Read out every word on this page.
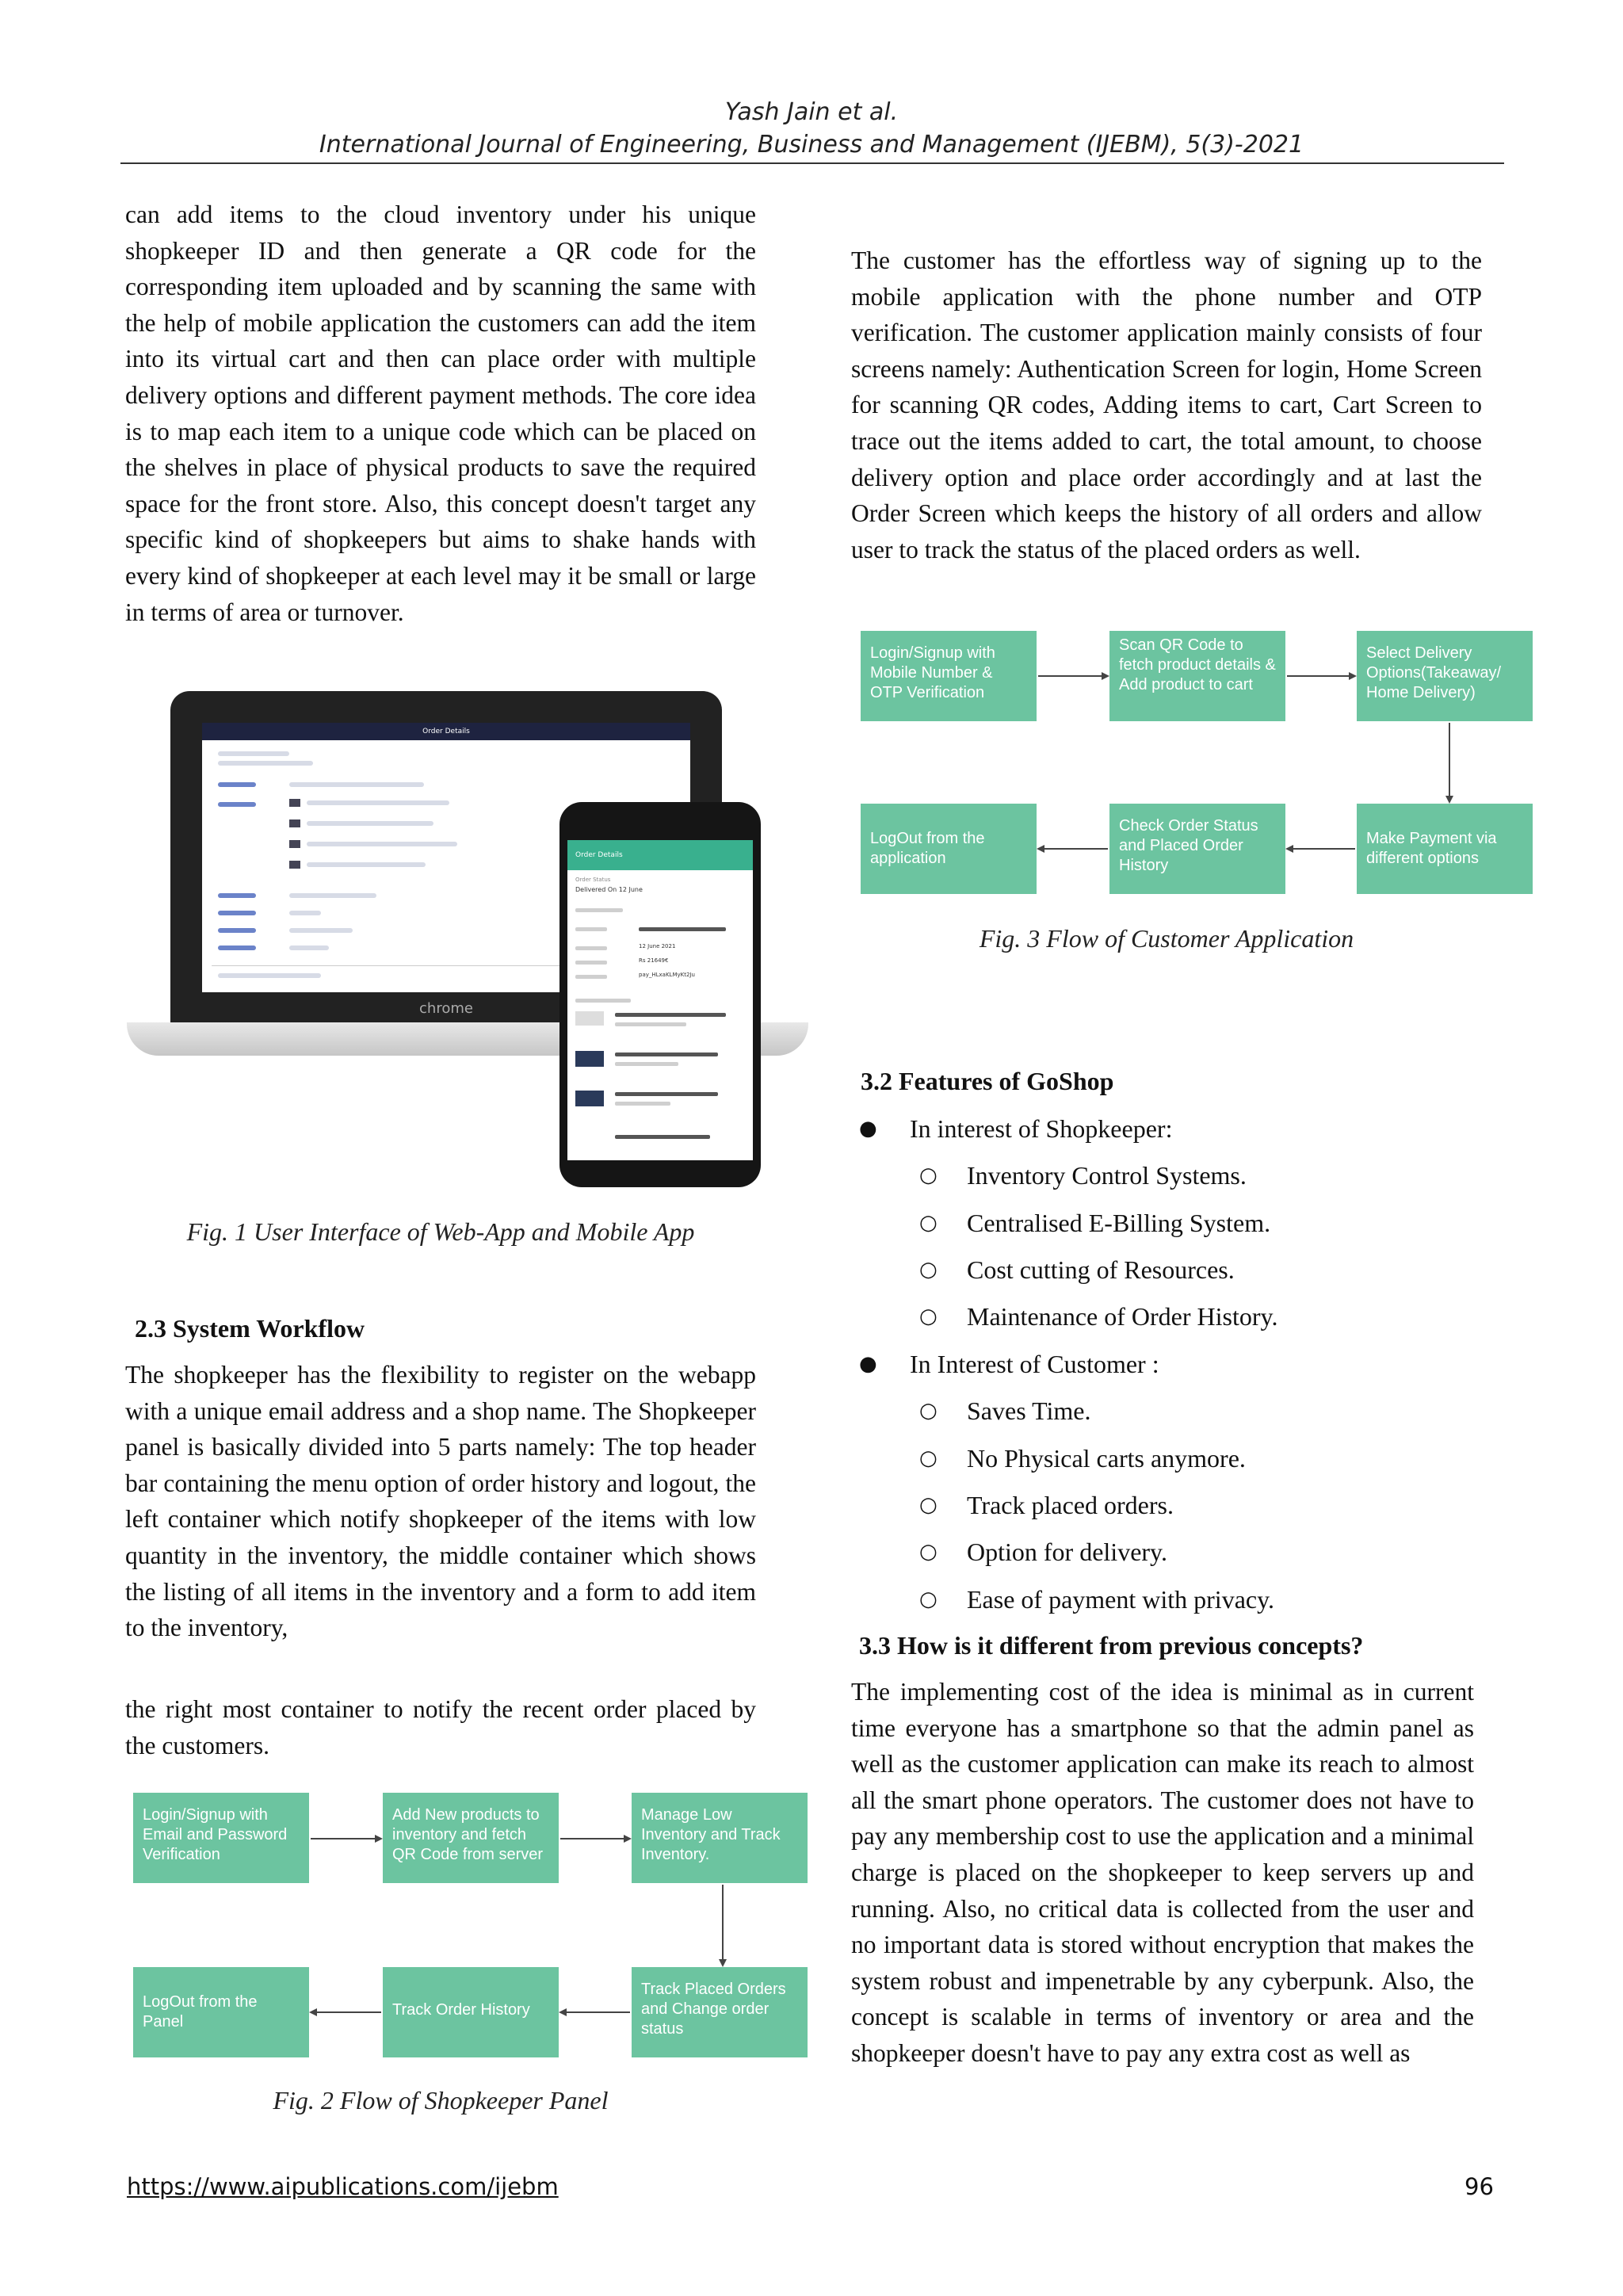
Yash Jain et al.
International Journal of Engineering, Business and Management (IJEBM), 5(3)-2021
can add items to the cloud inventory under his unique shopkeeper ID and then generate a QR code for the corresponding item uploaded and by scanning the same with the help of mobile application the customers can add the item into its virtual cart and then can place order with multiple delivery options and different payment methods. The core idea is to map each item to a unique code which can be placed on the shelves in place of physical products to save the required space for the front store. Also, this concept doesn't target any specific kind of shopkeepers but aims to shake hands with every kind of shopkeeper at each level may it be small or large in terms of area or turnover.
Order Details
chrome
Order Details
Order Status
Delivered On 12 June
12 June 2021
Rs 21649€
pay_HLxaKLMyKt2Ju
Fig. 1 User Interface of Web-App and Mobile App
2.3 System Workflow
The shopkeeper has the flexibility to register on the webapp with a unique email address and a shop name. The Shopkeeper panel is basically divided into 5 parts namely: The top header bar containing the menu option of order history and logout, the left container which notify shopkeeper of the items with low quantity in the inventory, the middle container which shows the listing of all items in the inventory and a form to add item to the inventory,
the right most container to notify the recent order placed by the customers.
Login/Signup with Email and Password Verification
Add New products to inventory and fetch QR Code from server
Manage Low Inventory and Track Inventory.
LogOut from the Panel
Track Order History
Track Placed Orders and Change order status
Fig. 2 Flow of Shopkeeper Panel
The customer has the effortless way of signing up to the mobile application with the phone number and OTP verification. The customer application mainly consists of four screens namely: Authentication Screen for login, Home Screen for scanning QR codes, Adding items to cart, Cart Screen to trace out the items added to cart, the total amount, to choose delivery option and place order accordingly and at last the Order Screen which keeps the history of all orders and allow user to track the status of the placed orders as well.
Login/Signup with Mobile Number & OTP Verification
Scan QR Code to fetch product details & Add product to cart
Select Delivery Options(Takeaway/ Home Delivery)
LogOut from the application
Check Order Status and Placed Order History
Make Payment via different options
Fig. 3 Flow of Customer Application
3.2 Features of GoShop
● In interest of Shopkeeper:
○ Inventory Control Systems.
○ Centralised E-Billing System.
○ Cost cutting of Resources.
○ Maintenance of Order History.
● In Interest of Customer :
○ Saves Time.
○ No Physical carts anymore.
○ Track placed orders.
○ Option for delivery.
○ Ease of payment with privacy.
3.3 How is it different from previous concepts?
The implementing cost of the idea is minimal as in current time everyone has a smartphone so that the admin panel as well as the customer application can make its reach to almost all the smart phone operators. The customer does not have to pay any membership cost to use the application and a minimal charge is placed on the shopkeeper to keep servers up and running. Also, no critical data is collected from the user and no important data is stored without encryption that makes the system robust and impenetrable by any cyberpunk. Also, the concept is scalable in terms of inventory or area and the shopkeeper doesn't have to pay any extra cost as well as
https://www.aipublications.com/ijebm	96
